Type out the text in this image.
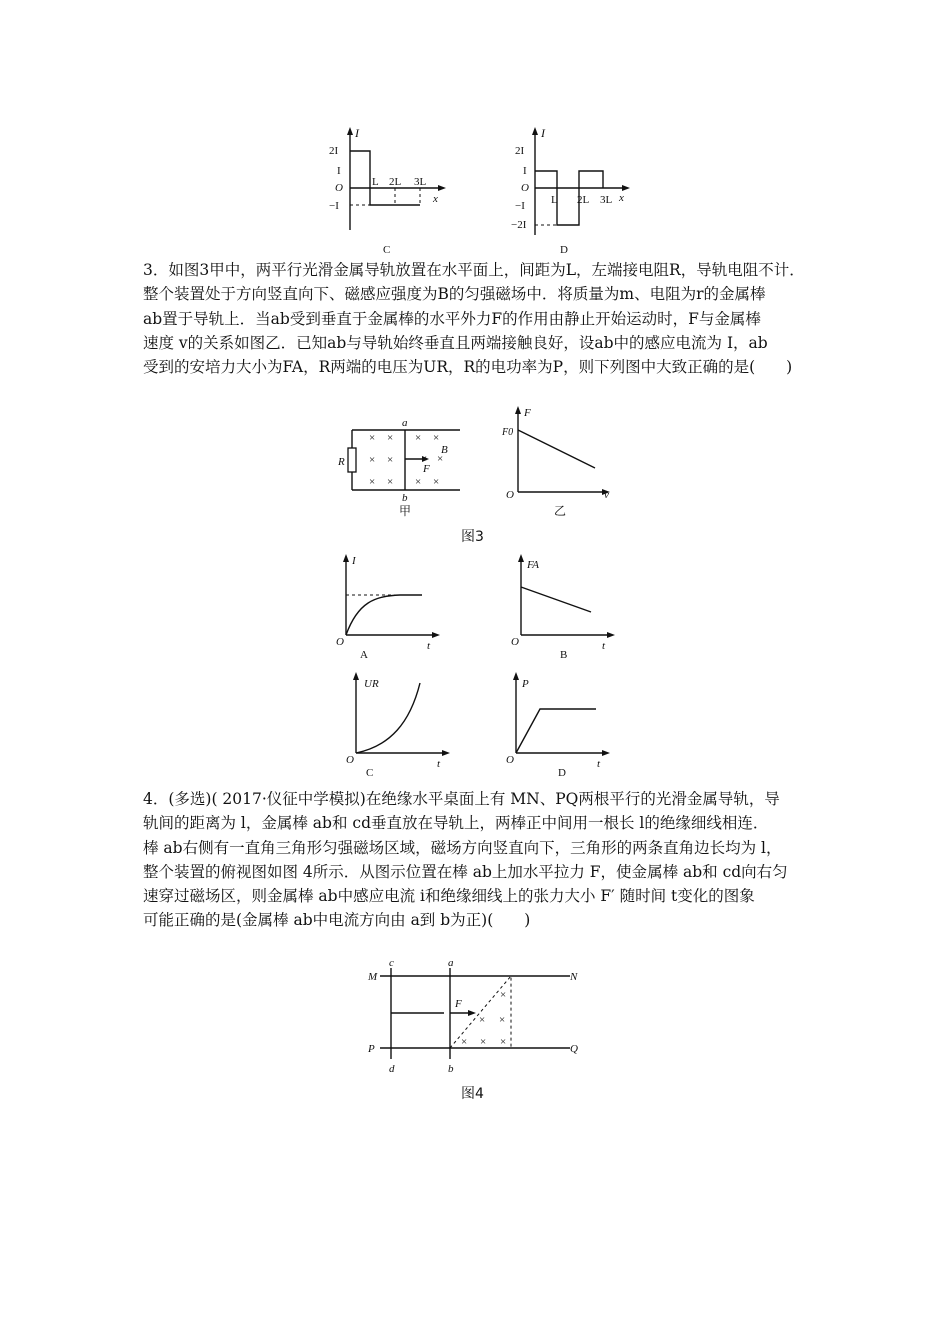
I
2I
I
O
−I
x
L 2L 3L
C
I
2I
I
O
−I
−2I
x
L 2L 3L
D

3．如图3甲中，两平行光滑金属导轨放置在水平面上，间距为L，左端接电阻R，导轨电阻不计．

整个装置处于方向竖直向下、磁感应强度为B的匀强磁场中．将质量为m、电阻为r的金属棒

ab置于导轨上．当ab受到垂直于金属棒的水平外力F的作用由静止开始运动时，F与金属棒

速度 v的关系如图乙．已知ab与导轨始终垂直且两端接触良好，设ab中的感应电流为 I，ab

受到的安培力大小为FA，R两端的电压为UR，R的电功率为P，则下列图中大致正确的是(　　)

R
a
b
× × × ×
× ×	×
× × × ×
F
B
甲
F
F0
O	v
乙
图3
I
O	t
A
FA
O	t
B
UR
O	t
C
P
O	t
D

4．(多选)( 2017·仪征中学模拟)在绝缘水平桌面上有 MN、PQ两根平行的光滑金属导轨，导

轨间的距离为 l，金属棒 ab和 cd垂直放在导轨上，两棒正中间用一根长 l的绝缘细线相连．

棒 ab右侧有一直角三角形匀强磁场区域，磁场方向竖直向下，三角形的两条直角边长均为 l，

整个装置的俯视图如图 4所示．从图示位置在棒 ab上加水平拉力 F，使金属棒 ab和 cd向右匀

速穿过磁场区，则金属棒 ab中感应电流 i和绝缘细线上的张力大小 F′ 随时间 t变化的图象

可能正确的是(金属棒 ab中电流方向由 a到 b为正)(　　)

M
P
N
Q
c
d
a
b
F
×
× ×
× × ×
图4
